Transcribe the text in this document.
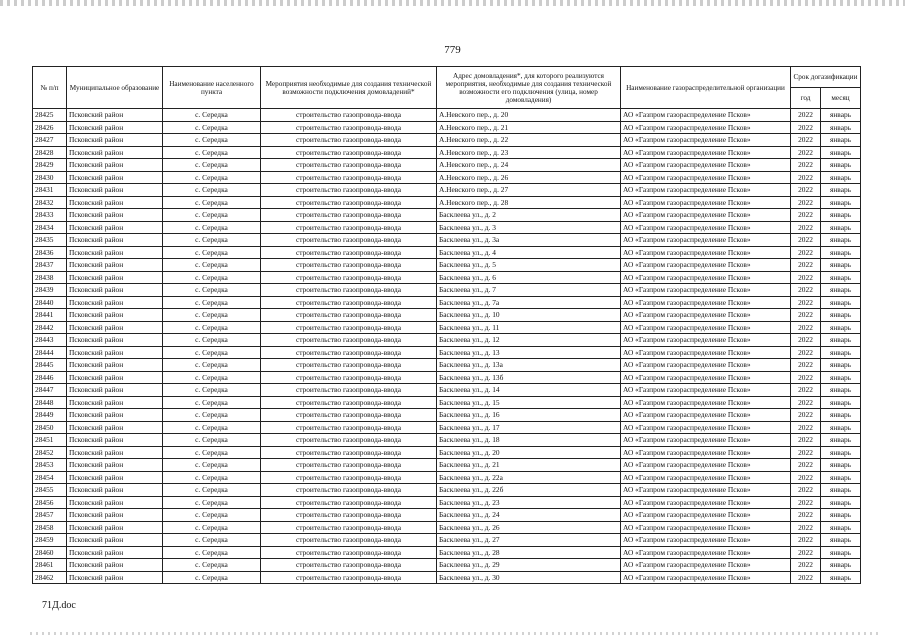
779
№ п/п	Муниципальное образование	Наименование населенного пункта	Мероприятия необходимые для создания технической возможности подключения домовладений*	Адрес домовладения*, для которого реализуются мероприятия, необходимые для создания технической возможности его подключения (улица, номер домовладения)	Наименование газораспределительной организации	Срок догазификации	
						год	месяц
28425	Псковский район	с. Середка	строительство газопровода-ввода	А.Невского пер., д. 20	АО «Газпром газораспределение Псков»	2022	январь
28426	Псковский район	с. Середка	строительство газопровода-ввода	А.Невского пер., д. 21	АО «Газпром газораспределение Псков»	2022	январь
28427	Псковский район	с. Середка	строительство газопровода-ввода	А.Невского пер., д. 22	АО «Газпром газораспределение Псков»	2022	январь
28428	Псковский район	с. Середка	строительство газопровода-ввода	А.Невского пер., д. 23	АО «Газпром газораспределение Псков»	2022	январь
28429	Псковский район	с. Середка	строительство газопровода-ввода	А.Невского пер., д. 24	АО «Газпром газораспределение Псков»	2022	январь
28430	Псковский район	с. Середка	строительство газопровода-ввода	А.Невского пер., д. 26	АО «Газпром газораспределение Псков»	2022	январь
28431	Псковский район	с. Середка	строительство газопровода-ввода	А.Невского пер., д. 27	АО «Газпром газораспределение Псков»	2022	январь
28432	Псковский район	с. Середка	строительство газопровода-ввода	А.Невского пер., д. 28	АО «Газпром газораспределение Псков»	2022	январь
28433	Псковский район	с. Середка	строительство газопровода-ввода	Басклеева ул., д. 2	АО «Газпром газораспределение Псков»	2022	январь
28434	Псковский район	с. Середка	строительство газопровода-ввода	Басклеева ул., д. 3	АО «Газпром газораспределение Псков»	2022	январь
28435	Псковский район	с. Середка	строительство газопровода-ввода	Басклеева ул., д. 3а	АО «Газпром газораспределение Псков»	2022	январь
28436	Псковский район	с. Середка	строительство газопровода-ввода	Басклеева ул., д. 4	АО «Газпром газораспределение Псков»	2022	январь
28437	Псковский район	с. Середка	строительство газопровода-ввода	Басклеева ул., д. 5	АО «Газпром газораспределение Псков»	2022	январь
28438	Псковский район	с. Середка	строительство газопровода-ввода	Басклеева ул., д. 6	АО «Газпром газораспределение Псков»	2022	январь
28439	Псковский район	с. Середка	строительство газопровода-ввода	Басклеева ул., д. 7	АО «Газпром газораспределение Псков»	2022	январь
28440	Псковский район	с. Середка	строительство газопровода-ввода	Басклеева ул., д. 7а	АО «Газпром газораспределение Псков»	2022	январь
28441	Псковский район	с. Середка	строительство газопровода-ввода	Басклеева ул., д. 10	АО «Газпром газораспределение Псков»	2022	январь
28442	Псковский район	с. Середка	строительство газопровода-ввода	Басклеева ул., д. 11	АО «Газпром газораспределение Псков»	2022	январь
28443	Псковский район	с. Середка	строительство газопровода-ввода	Басклеева ул., д. 12	АО «Газпром газораспределение Псков»	2022	январь
28444	Псковский район	с. Середка	строительство газопровода-ввода	Басклеева ул., д. 13	АО «Газпром газораспределение Псков»	2022	январь
28445	Псковский район	с. Середка	строительство газопровода-ввода	Басклеева ул., д. 13а	АО «Газпром газораспределение Псков»	2022	январь
28446	Псковский район	с. Середка	строительство газопровода-ввода	Басклеева ул., д. 13б	АО «Газпром газораспределение Псков»	2022	январь
28447	Псковский район	с. Середка	строительство газопровода-ввода	Басклеева ул., д. 14	АО «Газпром газораспределение Псков»	2022	январь
28448	Псковский район	с. Середка	строительство газопровода-ввода	Басклеева ул., д. 15	АО «Газпром газораспределение Псков»	2022	январь
28449	Псковский район	с. Середка	строительство газопровода-ввода	Басклеева ул., д. 16	АО «Газпром газораспределение Псков»	2022	январь
28450	Псковский район	с. Середка	строительство газопровода-ввода	Басклеева ул., д. 17	АО «Газпром газораспределение Псков»	2022	январь
28451	Псковский район	с. Середка	строительство газопровода-ввода	Басклеева ул., д. 18	АО «Газпром газораспределение Псков»	2022	январь
28452	Псковский район	с. Середка	строительство газопровода-ввода	Басклеева ул., д. 20	АО «Газпром газораспределение Псков»	2022	январь
28453	Псковский район	с. Середка	строительство газопровода-ввода	Басклеева ул., д. 21	АО «Газпром газораспределение Псков»	2022	январь
28454	Псковский район	с. Середка	строительство газопровода-ввода	Басклеева ул., д. 22а	АО «Газпром газораспределение Псков»	2022	январь
28455	Псковский район	с. Середка	строительство газопровода-ввода	Басклеева ул., д. 22б	АО «Газпром газораспределение Псков»	2022	январь
28456	Псковский район	с. Середка	строительство газопровода-ввода	Басклеева ул., д. 23	АО «Газпром газораспределение Псков»	2022	январь
28457	Псковский район	с. Середка	строительство газопровода-ввода	Басклеева ул., д. 24	АО «Газпром газораспределение Псков»	2022	январь
28458	Псковский район	с. Середка	строительство газопровода-ввода	Басклеева ул., д. 26	АО «Газпром газораспределение Псков»	2022	январь
28459	Псковский район	с. Середка	строительство газопровода-ввода	Басклеева ул., д. 27	АО «Газпром газораспределение Псков»	2022	январь
28460	Псковский район	с. Середка	строительство газопровода-ввода	Басклеева ул., д. 28	АО «Газпром газораспределение Псков»	2022	январь
28461	Псковский район	с. Середка	строительство газопровода-ввода	Басклеева ул., д. 29	АО «Газпром газораспределение Псков»	2022	январь
28462	Псковский район	с. Середка	строительство газопровода-ввода	Басклеева ул., д. 30	АО «Газпром газораспределение Псков»	2022	январь
71Д.doc
